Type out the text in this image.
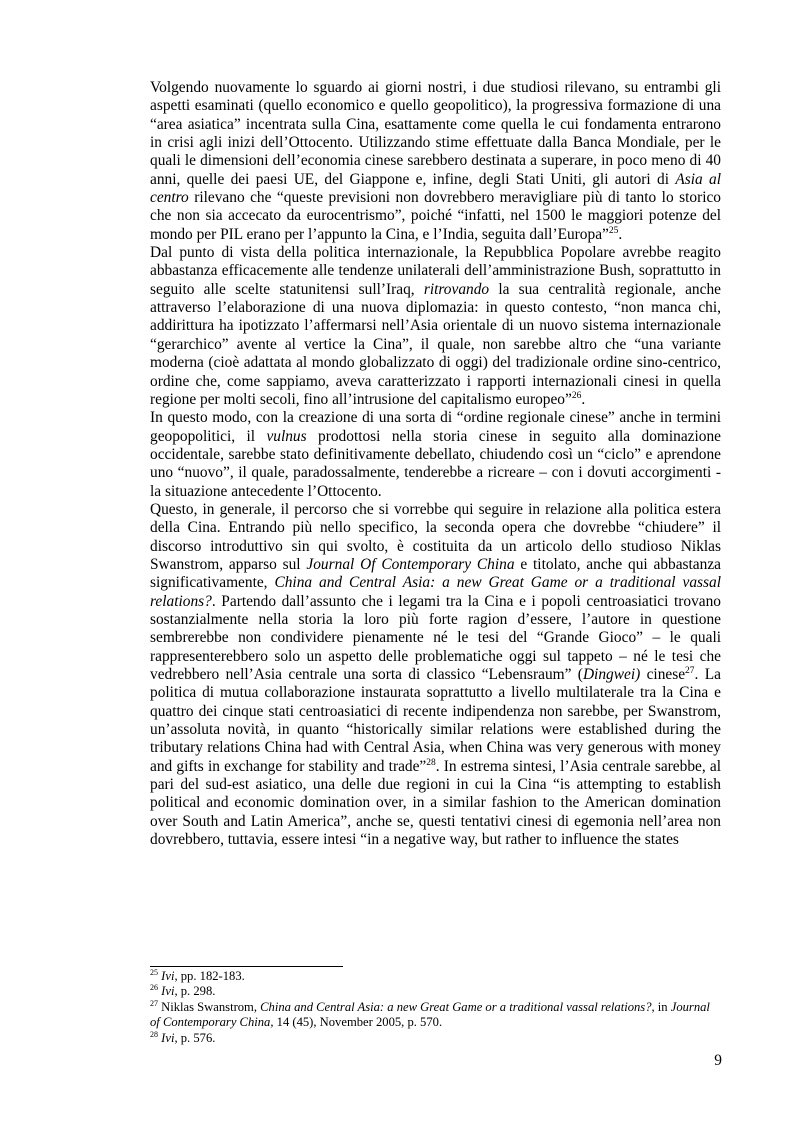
Volgendo nuovamente lo sguardo ai giorni nostri, i due studiosi rilevano, su entrambi gli aspetti esaminati (quello economico e quello geopolitico), la progressiva formazione di una “area asiatica” incentrata sulla Cina, esattamente come quella le cui fondamenta entrarono in crisi agli inizi dell’Ottocento. Utilizzando stime effettuate dalla Banca Mondiale, per le quali le dimensioni dell’economia cinese sarebbero destinata a superare, in poco meno di 40 anni, quelle dei paesi UE, del Giappone e, infine, degli Stati Uniti, gli autori di Asia al centro rilevano che “queste previsioni non dovrebbero meravigliare più di tanto lo storico che non sia accecato da eurocentrismo”, poiché “infatti, nel 1500 le maggiori potenze del mondo per PIL erano per l’appunto la Cina, e l’India, seguita dall’Europa”$^{25}$.

Dal punto di vista della politica internazionale, la Repubblica Popolare avrebbe reagito abbastanza efficacemente alle tendenze unilaterali dell’amministrazione Bush, soprattutto in seguito alle scelte statunitensi sull’Iraq, ritrovando la sua centralità regionale, anche attraverso l’elaborazione di una nuova diplomazia: in questo contesto, “non manca chi, addirittura ha ipotizzato l’affermarsi nell’Asia orientale di un nuovo sistema internazionale “gerarchico” avente al vertice la Cina”, il quale, non sarebbe altro che “una variante moderna (cioè adattata al mondo globalizzato di oggi) del tradizionale ordine sino-centrico, ordine che, come sappiamo, aveva caratterizzato i rapporti internazionali cinesi in quella regione per molti secoli, fino all’intrusione del capitalismo europeo”$^{26}$.

In questo modo, con la creazione di una sorta di “ordine regionale cinese” anche in termini geopopolitici, il vulnus prodottosi nella storia cinese in seguito alla dominazione occidentale, sarebbe stato definitivamente debellato, chiudendo così un “ciclo” e aprendone uno “nuovo”, il quale, paradossalmente, tenderebbe a ricreare – con i dovuti accorgimenti - la situazione antecedente l’Ottocento.

Questo, in generale, il percorso che si vorrebbe qui seguire in relazione alla politica estera della Cina. Entrando più nello specifico, la seconda opera che dovrebbe “chiudere” il discorso introduttivo sin qui svolto, è costituita da un articolo dello studioso Niklas Swanstrom, apparso sul Journal Of Contemporary China e titolato, anche qui abbastanza significativamente, China and Central Asia: a new Great Game or a traditional vassal relations?. Partendo dall’assunto che i legami tra la Cina e i popoli centroasiatici trovano sostanzialmente nella storia la loro più forte ragion d’essere, l’autore in questione sembrerebbe non condividere pienamente né le tesi del “Grande Gioco” – le quali rappresenterebbero solo un aspetto delle problematiche oggi sul tappeto – né le tesi che vedrebbero nell’Asia centrale una sorta di classico “Lebensraum” (Dingwei) cinese$^{27}$. La politica di mutua collaborazione instaurata soprattutto a livello multilaterale tra la Cina e quattro dei cinque stati centroasiatici di recente indipendenza non sarebbe, per Swanstrom, un’assoluta novità, in quanto “historically similar relations were established during the tributary relations China had with Central Asia, when China was very generous with money and gifts in exchange for stability and trade”$^{28}$. In estrema sintesi, l’Asia centrale sarebbe, al pari del sud-est asiatico, una delle due regioni in cui la Cina “is attempting to establish political and economic domination over, in a similar fashion to the American domination over South and Latin America”, anche se, questi tentativi cinesi di egemonia nell’area non dovrebbero, tuttavia, essere intesi “in a negative way, but rather to influence the states

$^{25}$ Ivi, pp. 182-183.

$^{26}$ Ivi, p. 298.

$^{27}$ Niklas Swanstrom, China and Central Asia: a new Great Game or a traditional vassal relations?, in Journal of Contemporary China, 14 (45), November 2005, p. 570.

$^{28}$ Ivi, p. 576.

9
